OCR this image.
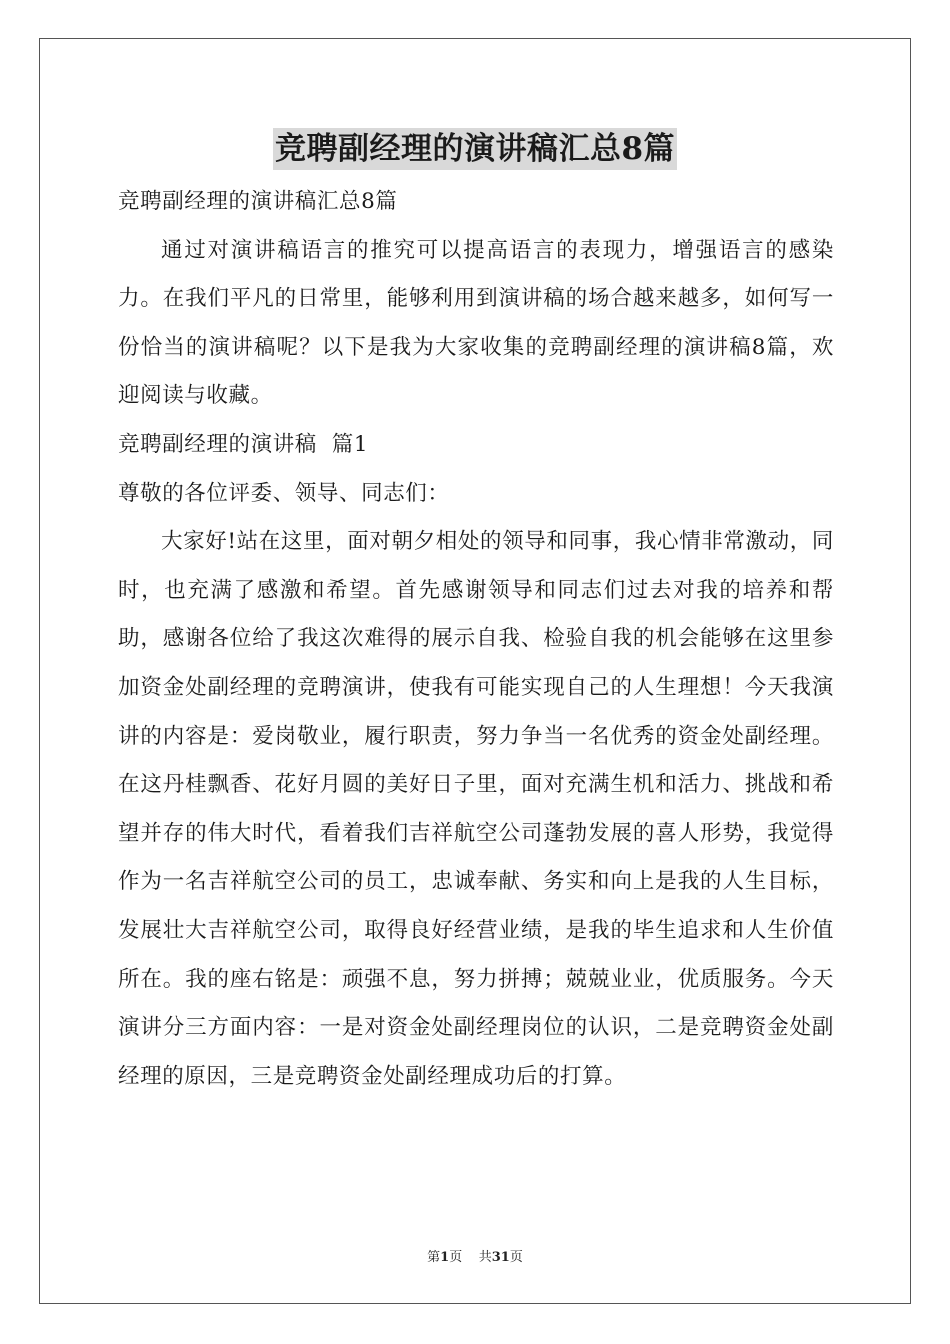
竞聘副经理的演讲稿汇总8篇
竞聘副经理的演讲稿汇总8篇

通过对演讲稿语言的推究可以提高语言的表现力，增强语言的感染力。在我们平凡的日常里，能够利用到演讲稿的场合越来越多，如何写一份恰当的演讲稿呢？以下是我为大家收集的竞聘副经理的演讲稿8篇，欢迎阅读与收藏。

竞聘副经理的演讲稿  篇1
尊敬的各位评委、领导、同志们：

大家好!站在这里，面对朝夕相处的领导和同事，我心情非常激动，同时，也充满了感激和希望。首先感谢领导和同志们过去对我的培养和帮助，感谢各位给了我这次难得的展示自我、检验自我的机会能够在这里参加资金处副经理的竞聘演讲，使我有可能实现自己的人生理想！今天我演讲的内容是：爱岗敬业，履行职责，努力争当一名优秀的资金处副经理。在这丹桂飘香、花好月圆的美好日子里，面对充满生机和活力、挑战和希望并存的伟大时代，看着我们吉祥航空公司蓬勃发展的喜人形势，我觉得作为一名吉祥航空公司的员工，忠诚奉献、务实和向上是我的人生目标，发展壮大吉祥航空公司，取得良好经营业绩，是我的毕生追求和人生价值所在。我的座右铭是：顽强不息，努力拼搏；兢兢业业，优质服务。今天演讲分三方面内容：一是对资金处副经理岗位的认识，二是竞聘资金处副经理的原因，三是竞聘资金处副经理成功后的打算。

第1页 共31页
